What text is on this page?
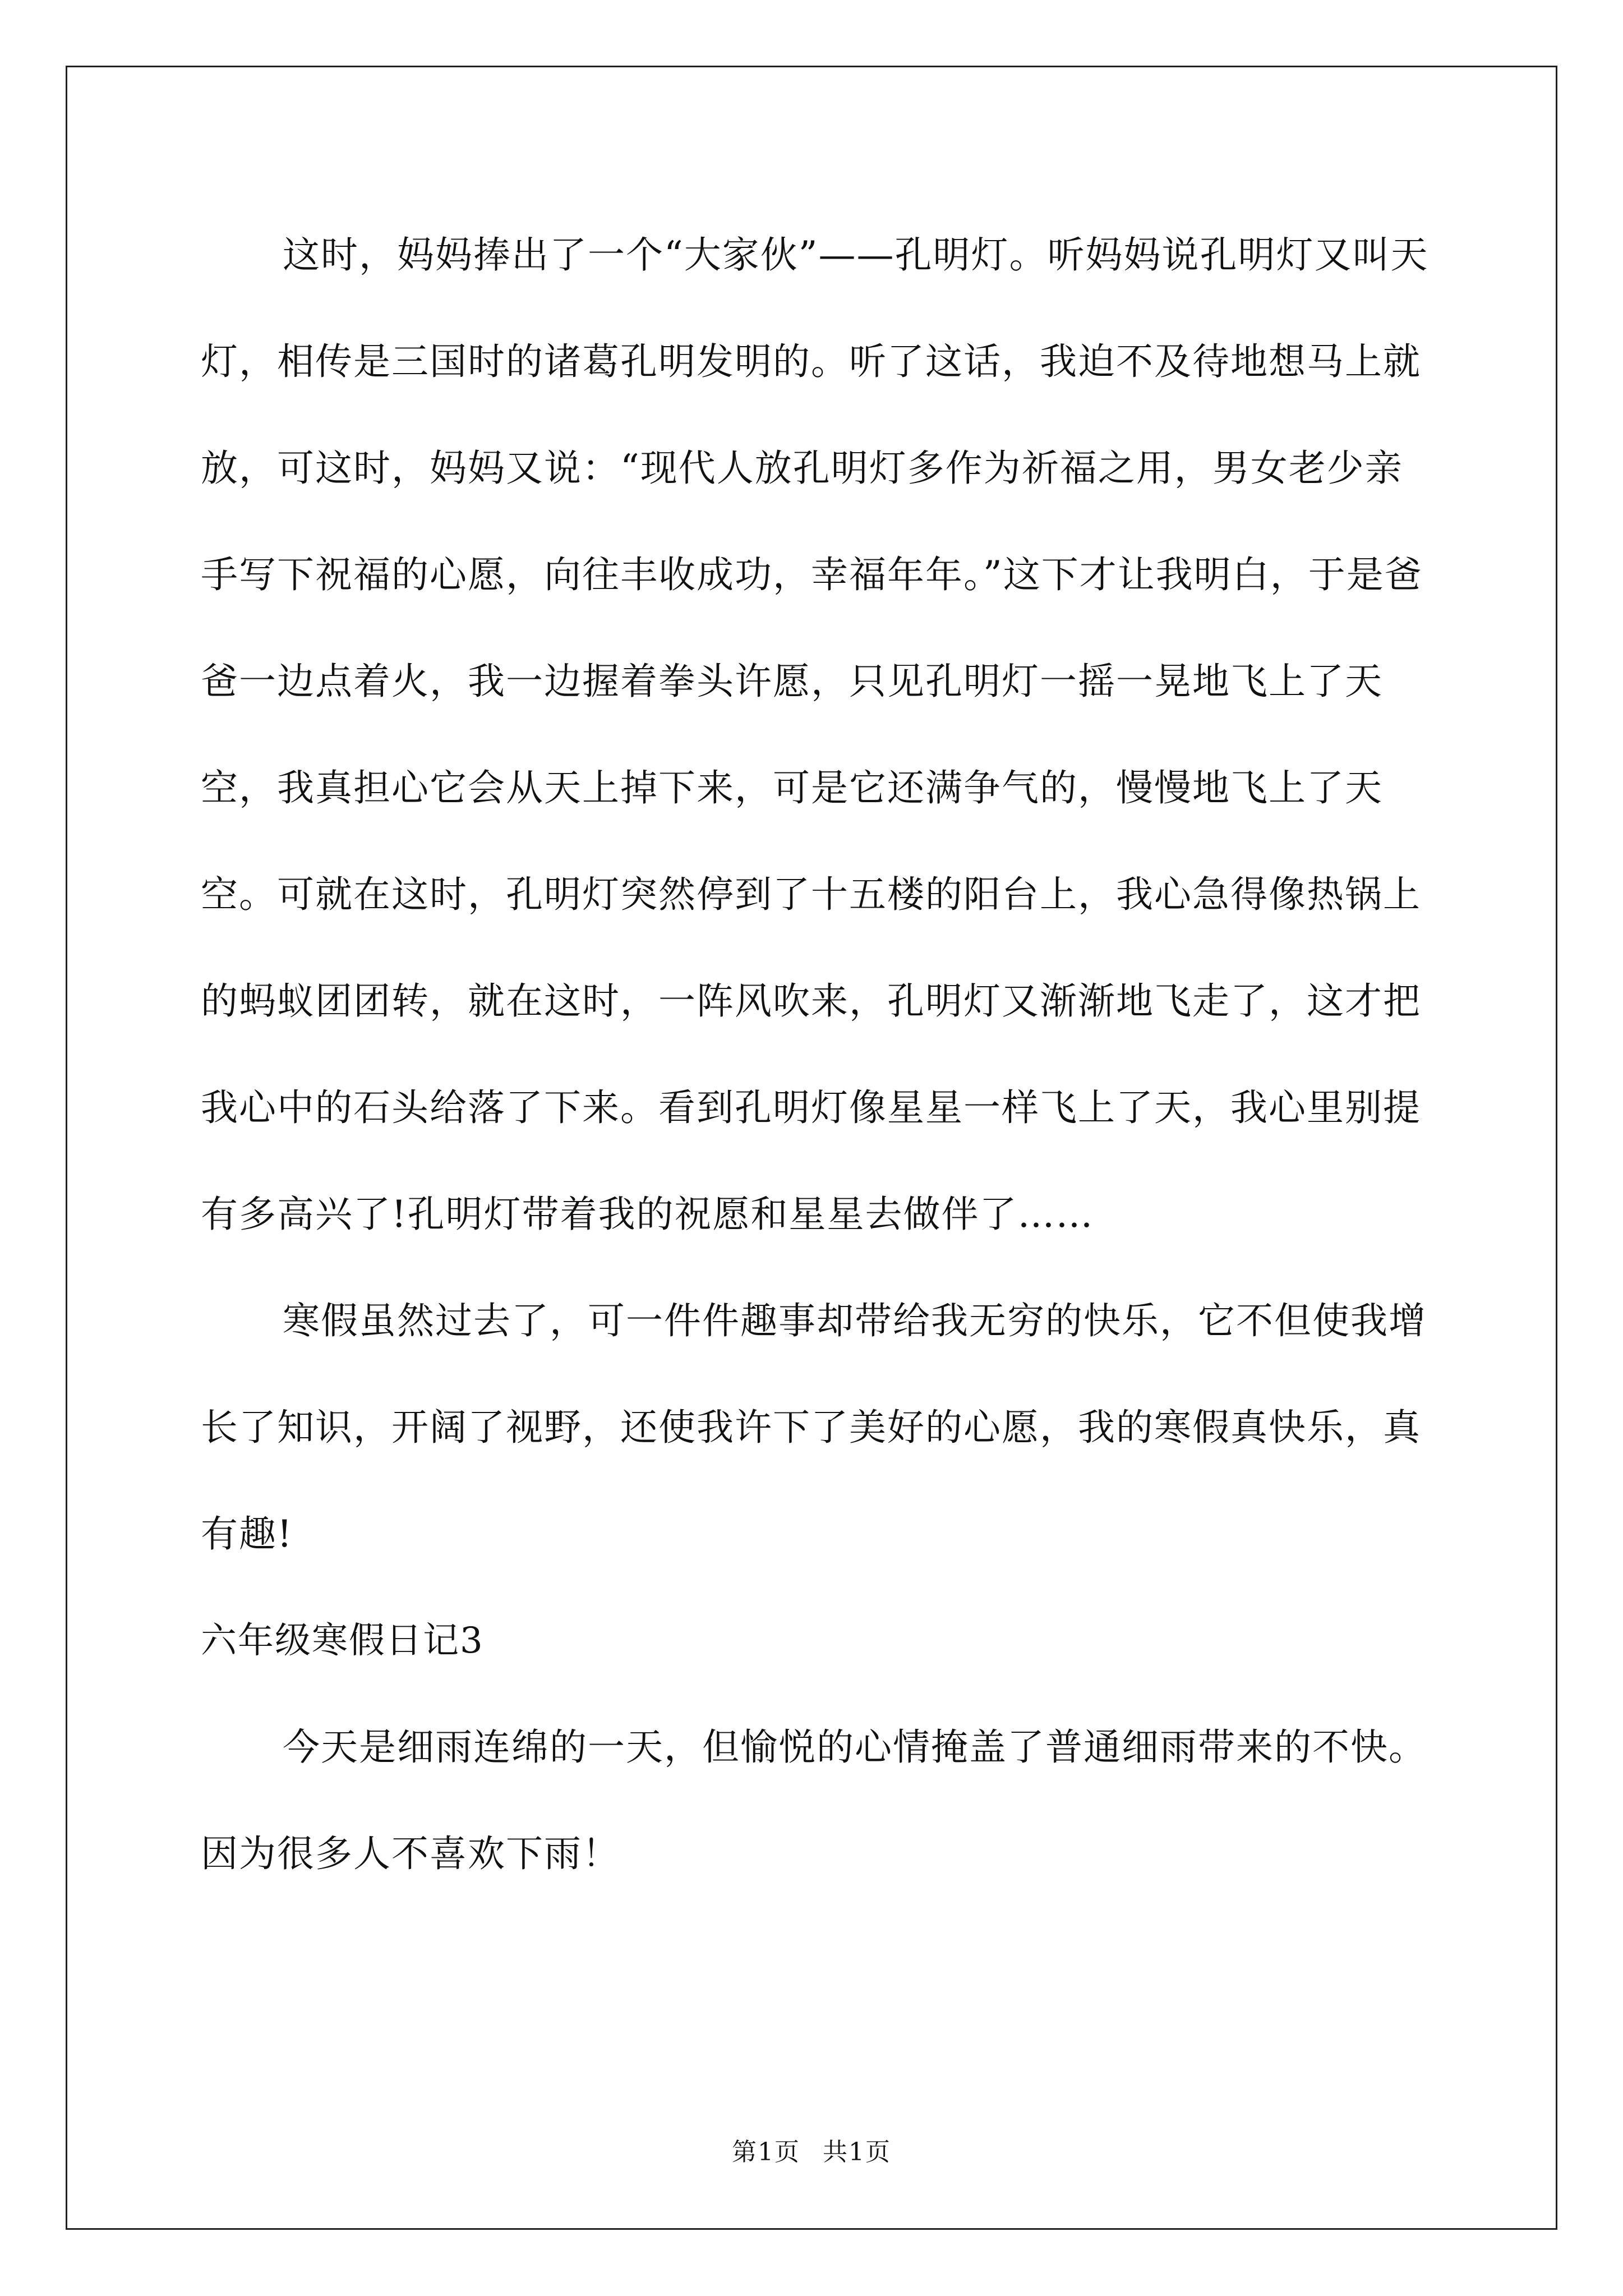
这时，妈妈捧出了一个“大家伙”——孔明灯。听妈妈说孔明灯又叫天灯，相传是三国时的诸葛孔明发明的。听了这话，我迫不及待地想马上就放，可这时，妈妈又说：“现代人放孔明灯多作为祈福之用，男女老少亲手写下祝福的心愿，向往丰收成功，幸福年年。”这下才让我明白，于是爸爸一边点着火，我一边握着拳头许愿，只见孔明灯一摇一晃地飞上了天空，我真担心它会从天上掉下来，可是它还满争气的，慢慢地飞上了天空。可就在这时，孔明灯突然停到了十五楼的阳台上，我心急得像热锅上的蚂蚁团团转，就在这时，一阵风吹来，孔明灯又渐渐地飞走了，这才把我心中的石头给落了下来。看到孔明灯像星星一样飞上了天，我心里别提有多高兴了!孔明灯带着我的祝愿和星星去做伴了……

寒假虽然过去了，可一件件趣事却带给我无穷的快乐，它不但使我增长了知识，开阔了视野，还使我许下了美好的心愿，我的寒假真快乐，真有趣!

六年级寒假日记3

今天是细雨连绵的一天，但愉悦的心情掩盖了普通细雨带来的不快。因为很多人不喜欢下雨！

第1页 共1页
